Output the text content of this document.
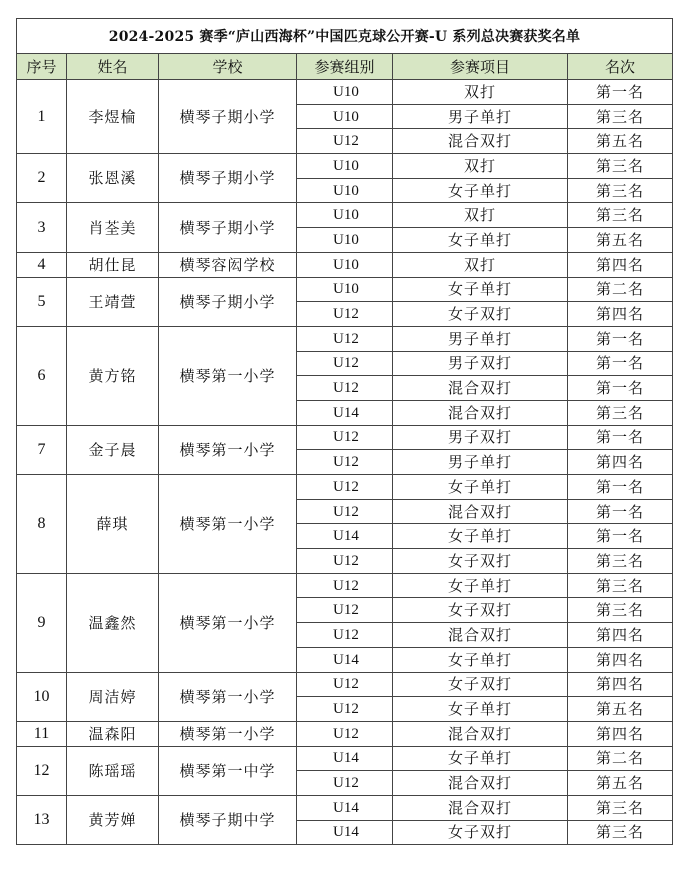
2024-2025 赛季“庐山西海杯”中国匹克球公开赛-U 系列总决赛获奖名单					
序号	姓名	学校	参赛组别	参赛项目	名次
1	李煜棆	横琴子期小学	U10	双打	第一名
			U10	男子单打	第三名
			U12	混合双打	第五名
2	张恩溪	横琴子期小学	U10	双打	第三名
			U10	女子单打	第三名
3	肖荃美	横琴子期小学	U10	双打	第三名
			U10	女子单打	第五名
4	胡仕昆	横琴容闳学校	U10	双打	第四名
5	王靖萱	横琴子期小学	U10	女子单打	第二名
			U12	女子双打	第四名
6	黄方铭	横琴第一小学	U12	男子单打	第一名
			U12	男子双打	第一名
			U12	混合双打	第一名
			U14	混合双打	第三名
7	金子晨	横琴第一小学	U12	男子双打	第一名
			U12	男子单打	第四名
8	薛琪	横琴第一小学	U12	女子单打	第一名
			U12	混合双打	第一名
			U14	女子单打	第一名
			U12	女子双打	第三名
9	温鑫然	横琴第一小学	U12	女子单打	第三名
			U12	女子双打	第三名
			U12	混合双打	第四名
			U14	女子单打	第四名
10	周洁婷	横琴第一小学	U12	女子双打	第四名
			U12	女子单打	第五名
11	温森阳	横琴第一小学	U12	混合双打	第四名
12	陈瑶瑶	横琴第一中学	U14	女子单打	第二名
			U12	混合双打	第五名
13	黄芳婵	横琴子期中学	U14	混合双打	第三名
			U14	女子双打	第三名
